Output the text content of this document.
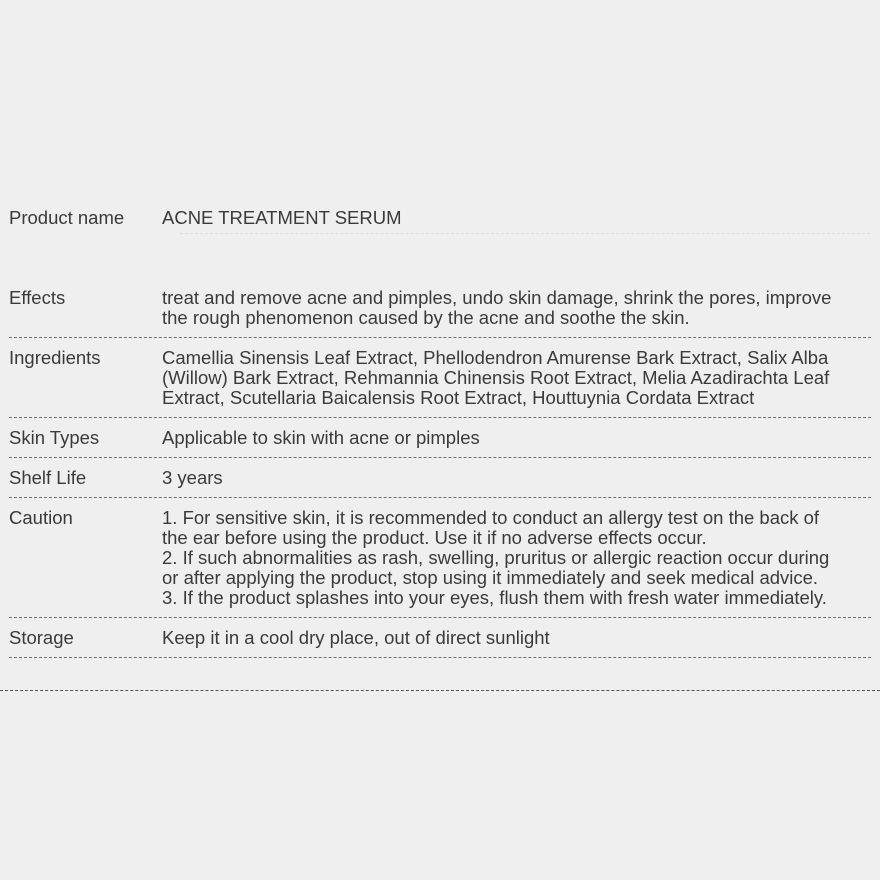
Product name ACNE TREATMENT SERUM
Effects	treat and remove acne and pimples, undo skin damage, shrink the pores, improve
the rough phenomenon caused by the acne and soothe the skin.
Ingredients	Camellia Sinensis Leaf Extract, Phellodendron Amurense Bark Extract, Salix Alba
(Willow) Bark Extract, Rehmannia Chinensis Root Extract, Melia Azadirachta Leaf
Extract, Scutellaria Baicalensis Root Extract, Houttuynia Cordata Extract
Skin Types	Applicable to skin with acne or pimples
Shelf Life	3 years
Caution	1. For sensitive skin, it is recommended to conduct an allergy test on the back of
the ear before using the product. Use it if no adverse effects occur.
2. If such abnormalities as rash, swelling, pruritus or allergic reaction occur during
or after applying the product, stop using it immediately and seek medical advice.
3. If the product splashes into your eyes, flush them with fresh water immediately.
Storage	Keep it in a cool dry place, out of direct sunlight
